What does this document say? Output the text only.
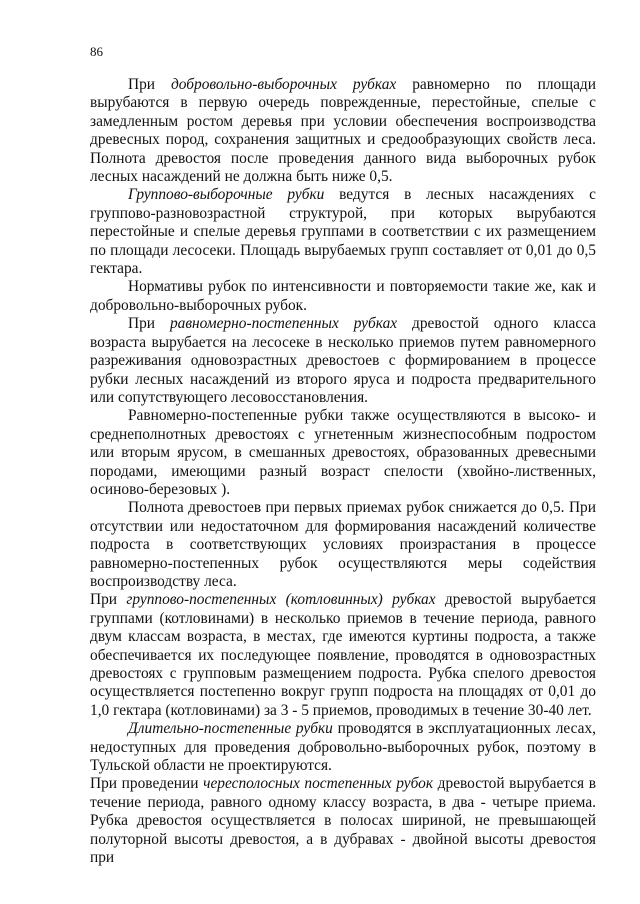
86

При добровольно-выборочных рубках равномерно по площади вырубаются в первую очередь поврежденные, перестойные, спелые с замедленным ростом деревья при условии обеспечения воспроизводства древесных пород, сохранения защитных и средообразующих свойств леса. Полнота древостоя после проведения данного вида выборочных рубок лесных насаждений не должна быть ниже 0,5.

Группово-выборочные рубки ведутся в лесных насаждениях с группово-разновозрастной структурой, при которых вырубаются перестойные и спелые деревья группами в соответствии с их размещением по площади лесосеки. Площадь вырубаемых групп составляет от 0,01 до 0,5 гектара.

Нормативы рубок по интенсивности и повторяемости такие же, как и добровольно-выборочных рубок.

При равномерно-постепенных рубках древостой одного класса возраста вырубается на лесосеке в несколько приемов путем равномерного разреживания одновозрастных древостоев с формированием в процессе рубки лесных насаждений из второго яруса и подроста предварительного или сопутствующего лесовосстановления.

Равномерно-постепенные рубки также осуществляются в высоко- и среднеполнотных древостоях с угнетенным жизнеспособным подростом или вторым ярусом, в смешанных древостоях, образованных древесными породами, имеющими разный возраст спелости (хвойно-лиственных, осиново-березовых ).

Полнота древостоев при первых приемах рубок снижается до 0,5. При отсутствии или недостаточном для формирования насаждений количестве подроста в соответствующих условиях произрастания в процессе равномерно-постепенных рубок осуществляются меры содействия воспроизводству леса.

При группово-постепенных (котловинных) рубках древостой вырубается группами (котловинами) в несколько приемов в течение периода, равного двум классам возраста, в местах, где имеются куртины подроста, а также обеспечивается их последующее появление, проводятся в одновозрастных древостоях с групповым размещением подроста. Рубка спелого древостоя осуществляется постепенно вокруг групп подроста на площадях от 0,01 до 1,0 гектара (котловинами) за 3 - 5 приемов, проводимых в течение 30-40 лет.

Длительно-постепенные рубки проводятся в эксплуатационных лесах, недоступных для проведения добровольно-выборочных рубок, поэтому в Тульской области не проектируются.

При проведении чересполосных постепенных рубок древостой вырубается в течение периода, равного одному классу возраста, в два - четыре приема. Рубка древостоя осуществляется в полосах шириной, не превышающей полуторной высоты древостоя, а в дубравах - двойной высоты древостоя при
